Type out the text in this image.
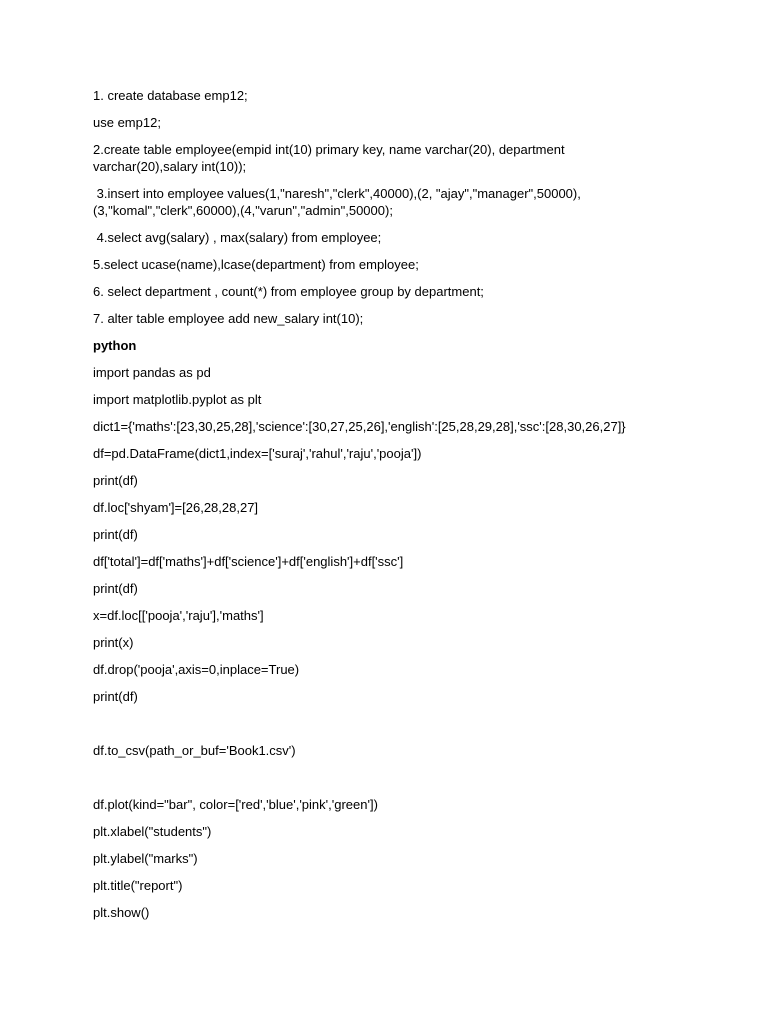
1. create database emp12;

use emp12;

2.create table employee(empid int(10) primary key, name varchar(20), department varchar(20),salary int(10));

3.insert into employee values(1,"naresh","clerk",40000),(2, "ajay","manager",50000),(3,"komal","clerk",60000),(4,"varun","admin",50000);

4.select avg(salary) , max(salary) from employee;

5.select ucase(name),lcase(department) from employee;

6. select department , count(*) from employee group by department;

7. alter table employee add new_salary int(10);

python

import pandas as pd

import matplotlib.pyplot as plt

dict1={'maths':[23,30,25,28],'science':[30,27,25,26],'english':[25,28,29,28],'ssc':[28,30,26,27]}

df=pd.DataFrame(dict1,index=['suraj','rahul','raju','pooja'])

print(df)

df.loc['shyam']=[26,28,28,27]

print(df)

df['total']=df['maths']+df['science']+df['english']+df['ssc']

print(df)

x=df.loc[['pooja','raju'],'maths']

print(x)

df.drop('pooja',axis=0,inplace=True)

print(df)

df.to_csv(path_or_buf='Book1.csv')

df.plot(kind="bar", color=['red','blue','pink','green'])

plt.xlabel("students")

plt.ylabel("marks")

plt.title("report")

plt.show()
